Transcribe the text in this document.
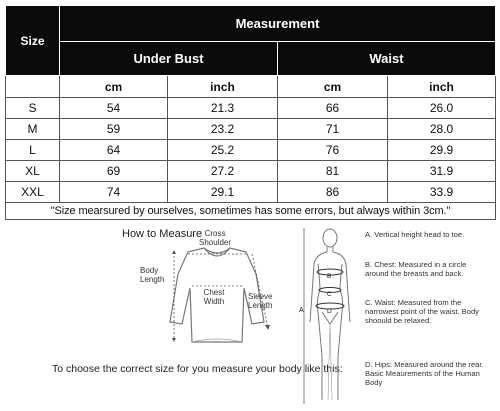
Size	Measurement			
	Under Bust		Waist	
	cm	inch	cm	inch
S	54	21.3	66	26.0
M	59	23.2	71	28.0
L	64	25.2	76	29.9
XL	69	27.2	81	31.9
XXL	74	29.1	86	33.9
"Size mearsured by ourselves, sometimes has some errors, but always within 3cm."				
How to Measure Cross
Shoulder
Body
Length
Chest
Width
Sleeve
Length
To choose the correct size for you measure your body like this:
A
B
C
D
A. Vertical height head to toe.
B. Chest: Measured in a circle around the breasts and back.
C. Waist: Measured from the narrowest point of the waist. Body shoould be relaxed.
D. Hips: Measured around the rear. Basic Meaurements of the Human Body
